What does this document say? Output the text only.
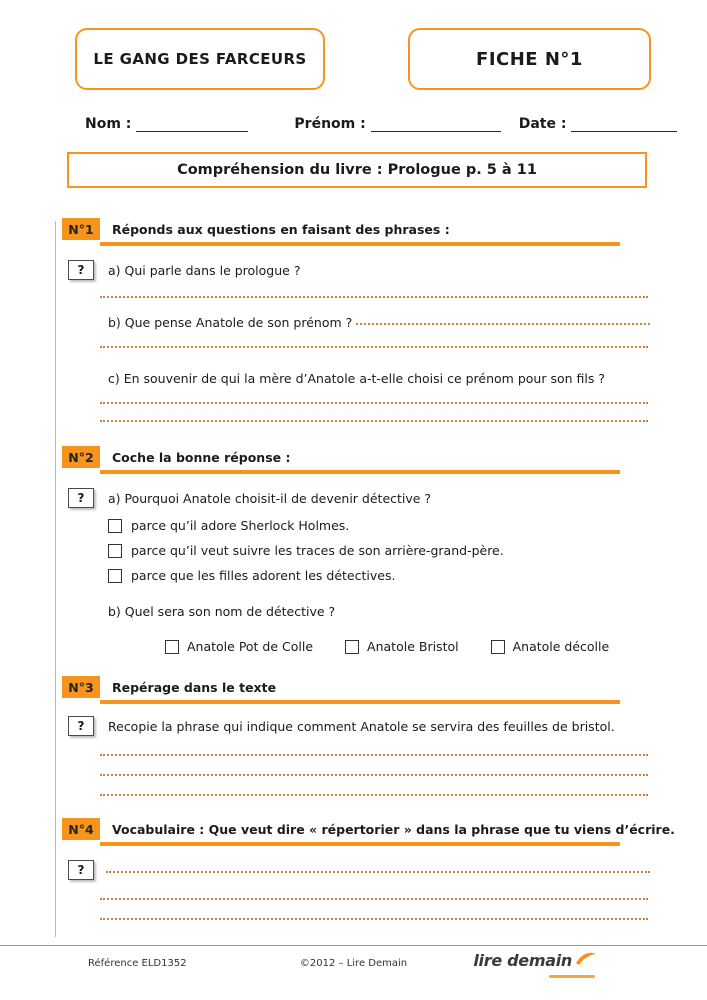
LE GANG DES FARCEURS	FICHE N°1
Nom :	Prénom :	Date :
Compréhension du livre : Prologue p. 5 à 11
N°1	Réponds aux questions en faisant des phrases :
?	a) Qui parle dans le prologue ?
b) Que pense Anatole de son prénom ?
c) En souvenir de qui la mère d’Anatole a-t-elle choisi ce prénom pour son fils ?
N°2	Coche la bonne réponse :
?	a) Pourquoi Anatole choisit-il de devenir détective ?
parce qu’il adore Sherlock Holmes.
parce qu’il veut suivre les traces de son arrière-grand-père.
parce que les filles adorent les détectives.
b) Quel sera son nom de détective ?
Anatole Pot de Colle	Anatole Bristol	Anatole décolle
N°3	Repérage dans le texte
?	Recopie la phrase qui indique comment Anatole se servira des feuilles de bristol.
N°4	Vocabulaire : Que veut dire « répertorier » dans la phrase que tu viens d’écrire.
?
Référence ELD1352	©2012 – Lire Demain	lire demain
